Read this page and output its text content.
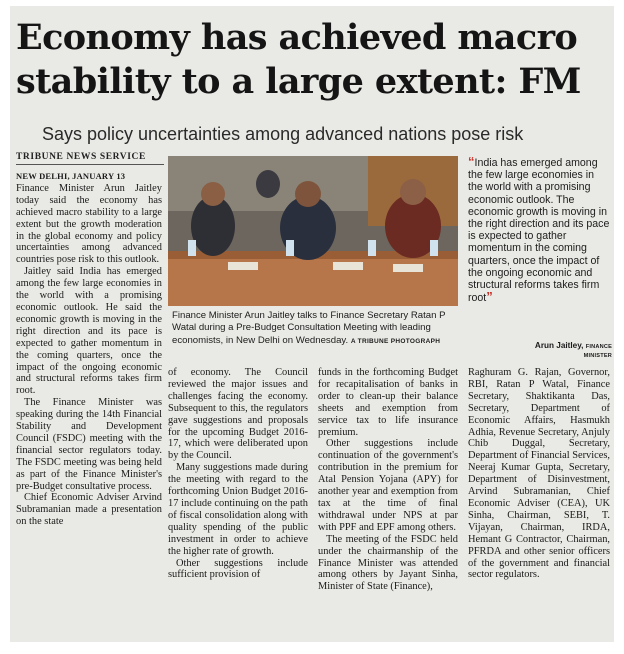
Economy has achieved macro stability to a large extent: FM
Says policy uncertainties among advanced nations pose risk
TRIBUNE NEWS SERVICE
NEW DELHI, JANUARY 13

Finance Minister Arun Jaitley today said the economy has achieved macro stability to a large extent but the growth moderation in the global economy and policy uncertainties among advanced countries pose risk to this outlook.

Jaitley said India has emerged among the few large economies in the world with a promising economic outlook. He said the economic growth is moving in the right direction and its pace is expected to gather momentum in the coming quarters, once the impact of the ongoing economic and structural reforms takes firm root.

The Finance Minister was speaking during the 14th Financial Stability and Development Council (FSDC) meeting with the financial sector regulators today. The FSDC meeting was being held as part of the Finance Minister's pre-Budget consultative process.

Chief Economic Adviser Arvind Subramanian made a presentation on the state

Finance Minister Arun Jaitley talks to Finance Secretary Ratan P Watal during a Pre-Budget Consultation Meeting with leading economists, in New Delhi on Wednesday. A TRIBUNE PHOTOGRAPH
“India has emerged among the few large economies in the world with a promising economic outlook. The economic growth is moving in the right direction and its pace is expected to gather momentum in the coming quarters, once the impact of the ongoing economic and structural reforms takes firm root”
Arun Jaitley, FINANCE MINISTER

of economy. The Council reviewed the major issues and challenges facing the economy. Subsequent to this, the regulators gave suggestions and proposals for the upcoming Budget 2016-17, which were deliberated upon by the Council.

Many suggestions made during the meeting with regard to the forthcoming Union Budget 2016-17 include continuing on the path of fiscal consolidation along with quality spending of the public investment in order to achieve the higher rate of growth.

Other suggestions include sufficient provision of

funds in the forthcoming Budget for recapitalisation of banks in order to clean-up their balance sheets and exemption from service tax to life insurance premium.

Other suggestions include continuation of the government's contribution in the premium for Atal Pension Yojana (APY) for another year and exemption from tax at the time of final withdrawal under NPS at par with PPF and EPF among others.

The meeting of the FSDC held under the chairmanship of the Finance Minister was attended among others by Jayant Sinha, Minister of State (Finance),

Raghuram G. Rajan, Governor, RBI, Ratan P Watal, Finance Secretary, Shaktikanta Das, Secretary, Department of Economic Affairs, Hasmukh Adhia, Revenue Secretary, Anjuly Chib Duggal, Secretary, Department of Financial Services, Neeraj Kumar Gupta, Secretary, Department of Disinvestment, Arvind Subramanian, Chief Economic Adviser (CEA), UK Sinha, Chairman, SEBI, T. Vijayan, Chairman, IRDA, Hemant G Contractor, Chairman, PFRDA and other senior officers of the government and financial sector regulators.
